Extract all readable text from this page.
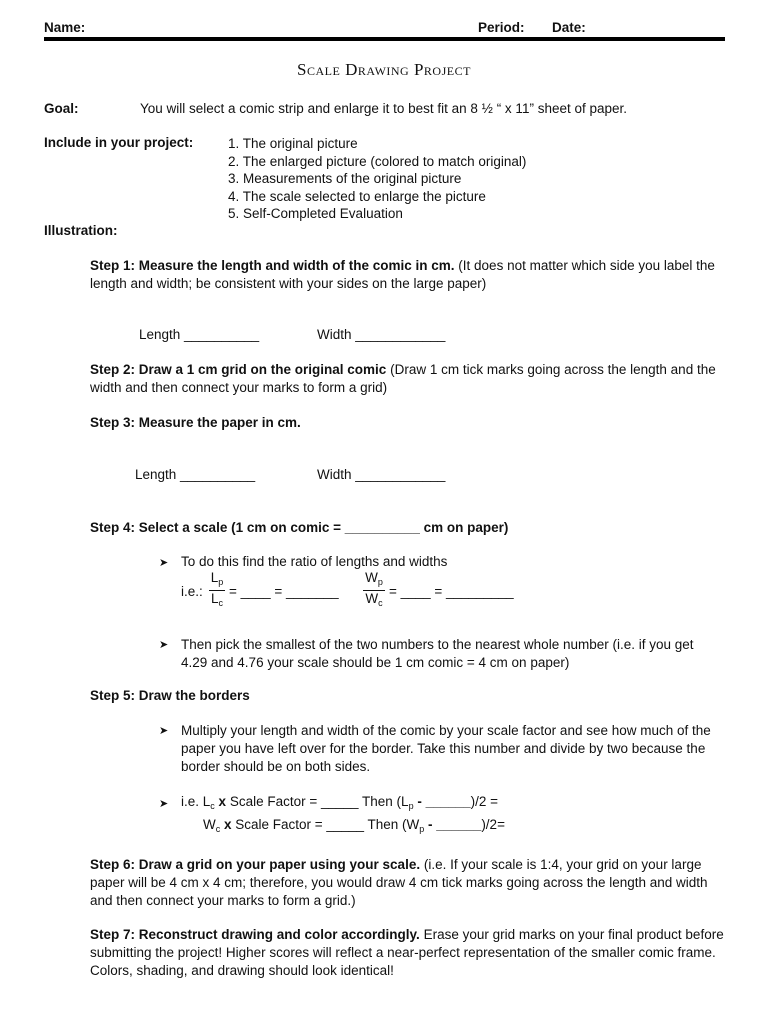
Name:	Period: Date:
Scale Drawing Project
Goal:	You will select a comic strip and enlarge it to best fit an 8 ½ “ x 11” sheet of paper.
Include in your project:	1. The original picture
2. The enlarged picture (colored to match original)
3. Measurements of the original picture
4. The scale selected to enlarge the picture
5. Self-Completed Evaluation
Illustration:
Step 1: Measure the length and width of the comic in cm. (It does not matter which side you label the length and width; be consistent with your sides on the large paper)
Length __________	Width ____________
Step 2: Draw a 1 cm grid on the original comic (Draw 1 cm tick marks going across the length and the width and then connect your marks to form a grid)
Step 3: Measure the paper in cm.
Length __________	Width ____________
Step 4: Select a scale (1 cm on comic = __________ cm on paper)
➤ To do this find the ratio of lengths and widths
i.e.: $\frac{L_p}{L_c}$ = ____ = _______ $\frac{W_p}{W_c}$ = ____ = _________
➤ Then pick the smallest of the two numbers to the nearest whole number (i.e. if you get 4.29 and 4.76 your scale should be 1 cm comic = 4 cm on paper)
Step 5: Draw the borders
➤ Multiply your length and width of the comic by your scale factor and see how much of the paper you have left over for the border. Take this number and divide by two because the border should be on both sides.
➤ i.e. $L_c$ x Scale Factor = _____ Then ($L_p$ - ______)/2 =
$W_c$ x Scale Factor = _____ Then ($W_p$ - ______)/2=
Step 6: Draw a grid on your paper using your scale. (i.e. If your scale is 1:4, your grid on your large paper will be 4 cm x 4 cm; therefore, you would draw 4 cm tick marks going across the length and width and then connect your marks to form a grid.)
Step 7: Reconstruct drawing and color accordingly. Erase your grid marks on your final product before submitting the project! Higher scores will reflect a near-perfect representation of the smaller comic frame. Colors, shading, and drawing should look identical!
